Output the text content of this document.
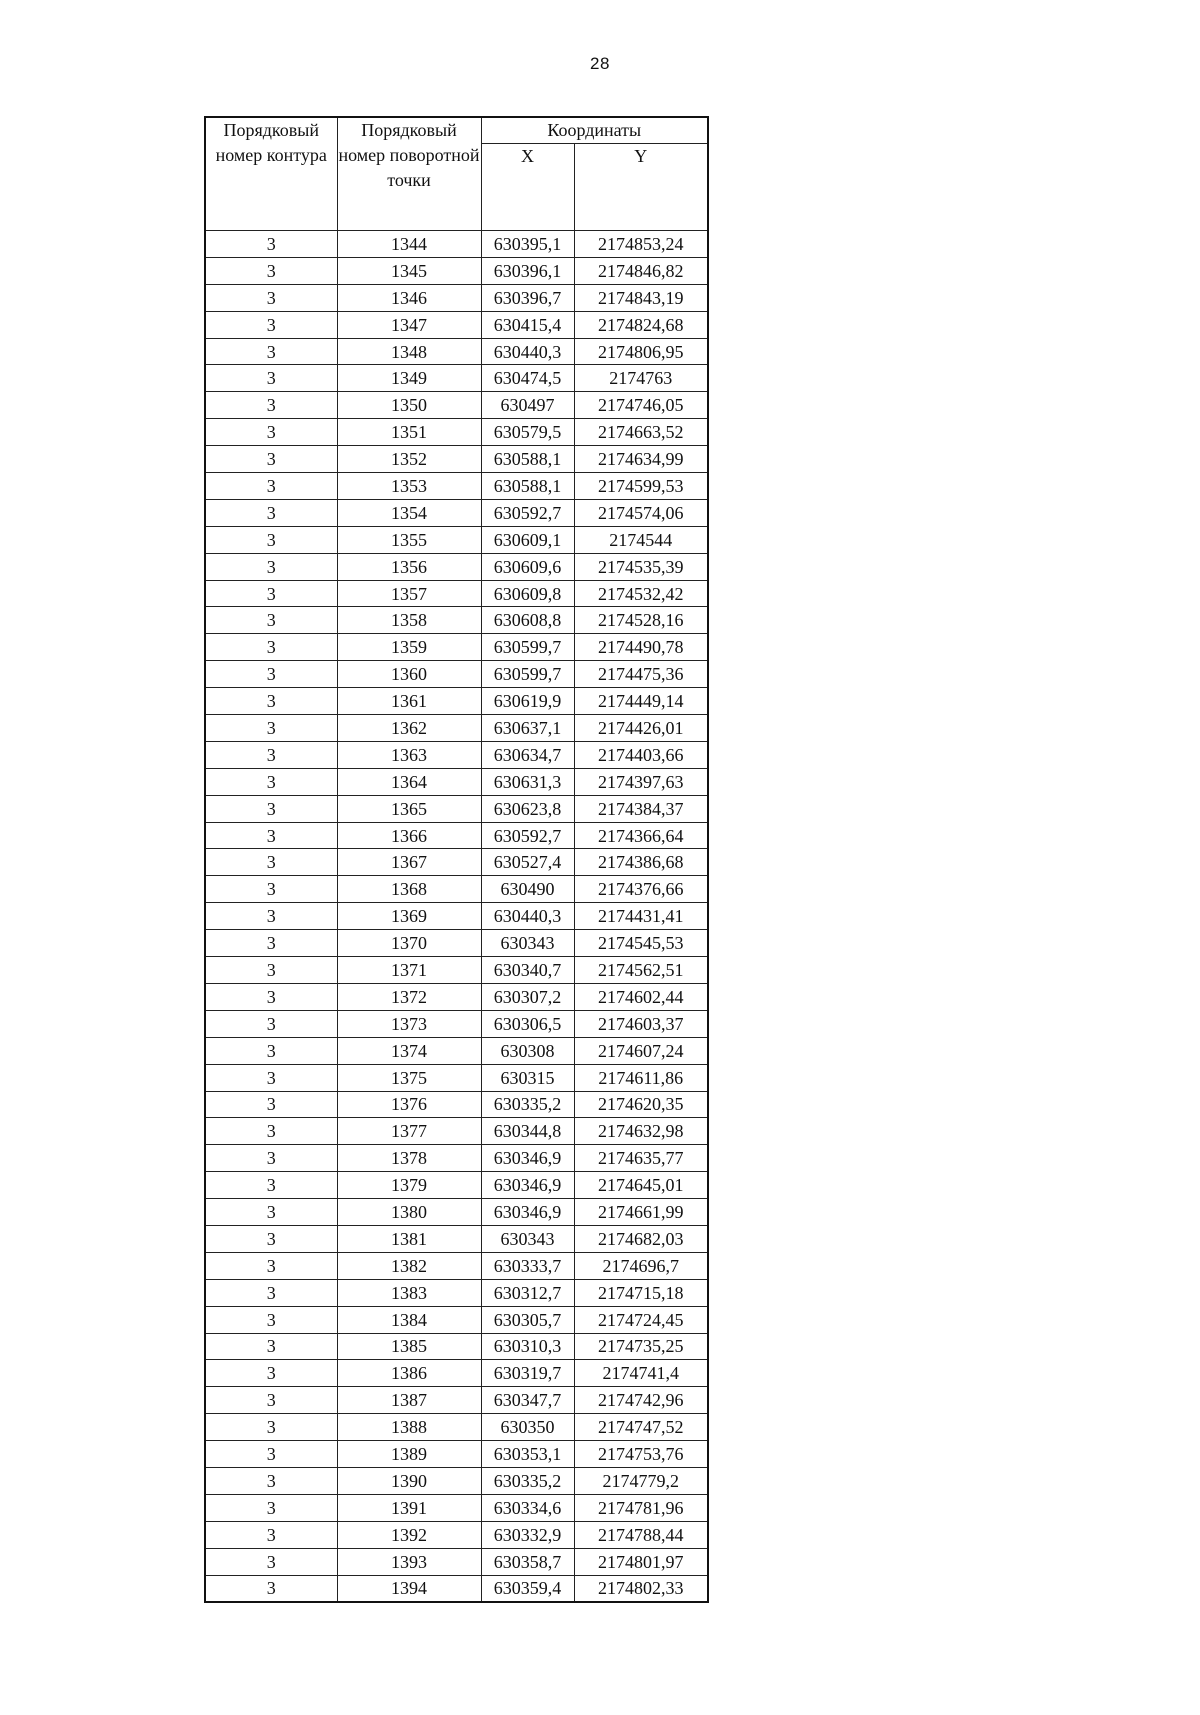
28
Порядковый номер контура	Порядковый номер поворотной точки	Координаты	
		X	Y
3	1344	630395,1	2174853,24
3	1345	630396,1	2174846,82
3	1346	630396,7	2174843,19
3	1347	630415,4	2174824,68
3	1348	630440,3	2174806,95
3	1349	630474,5	2174763
3	1350	630497	2174746,05
3	1351	630579,5	2174663,52
3	1352	630588,1	2174634,99
3	1353	630588,1	2174599,53
3	1354	630592,7	2174574,06
3	1355	630609,1	2174544
3	1356	630609,6	2174535,39
3	1357	630609,8	2174532,42
3	1358	630608,8	2174528,16
3	1359	630599,7	2174490,78
3	1360	630599,7	2174475,36
3	1361	630619,9	2174449,14
3	1362	630637,1	2174426,01
3	1363	630634,7	2174403,66
3	1364	630631,3	2174397,63
3	1365	630623,8	2174384,37
3	1366	630592,7	2174366,64
3	1367	630527,4	2174386,68
3	1368	630490	2174376,66
3	1369	630440,3	2174431,41
3	1370	630343	2174545,53
3	1371	630340,7	2174562,51
3	1372	630307,2	2174602,44
3	1373	630306,5	2174603,37
3	1374	630308	2174607,24
3	1375	630315	2174611,86
3	1376	630335,2	2174620,35
3	1377	630344,8	2174632,98
3	1378	630346,9	2174635,77
3	1379	630346,9	2174645,01
3	1380	630346,9	2174661,99
3	1381	630343	2174682,03
3	1382	630333,7	2174696,7
3	1383	630312,7	2174715,18
3	1384	630305,7	2174724,45
3	1385	630310,3	2174735,25
3	1386	630319,7	2174741,4
3	1387	630347,7	2174742,96
3	1388	630350	2174747,52
3	1389	630353,1	2174753,76
3	1390	630335,2	2174779,2
3	1391	630334,6	2174781,96
3	1392	630332,9	2174788,44
3	1393	630358,7	2174801,97
3	1394	630359,4	2174802,33
